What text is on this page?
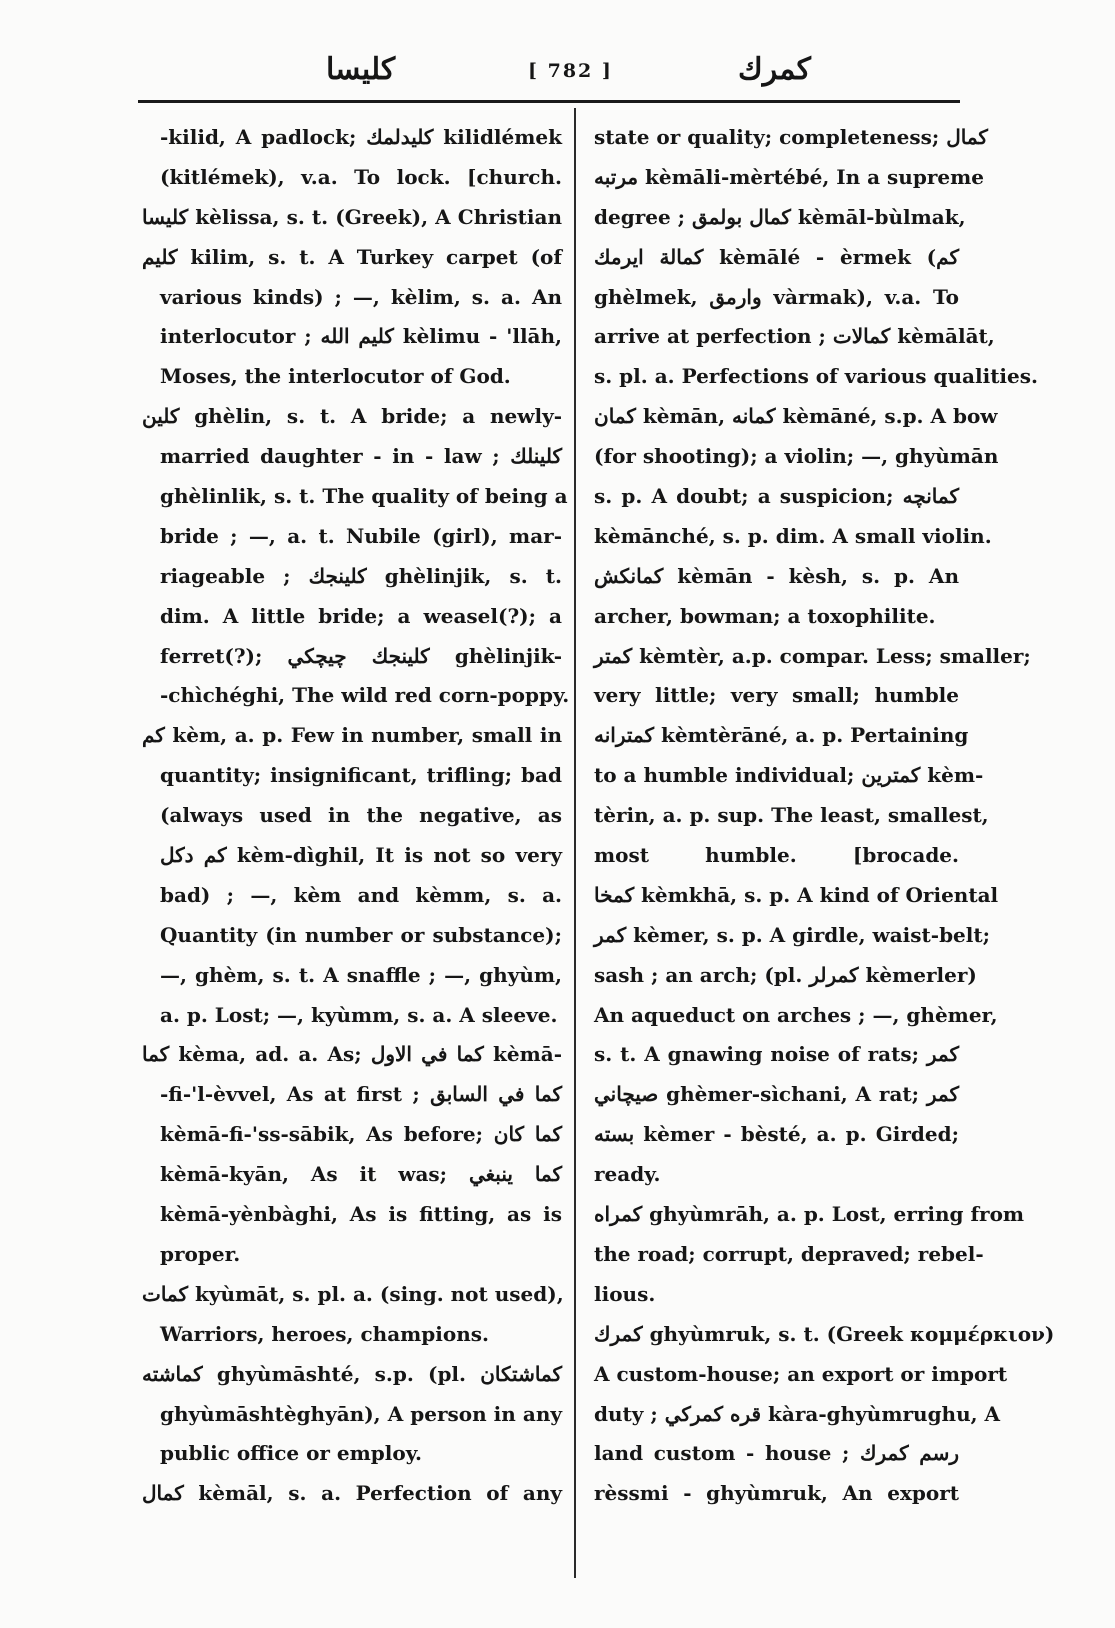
كليسا	[ 782 ]	كمرك
-kilid, A padlock; كليدلمك kilidlémek
(kitlémek), v.a. To lock. [church.
كليسا kèlissa, s. t. (Greek), A Christian
كليم kilim, s. t. A Turkey carpet (of
various kinds) ; —, kèlim, s. a. An
interlocutor ; كليم الله kèlimu - 'llāh,
Moses, the interlocutor of God.
كلين ghèlin, s. t. A bride; a newly-
married daughter - in - law ; كلينلك
ghèlinlik, s. t. The quality of being a
bride ; —, a. t. Nubile (girl), mar-
riageable ; كلينجك ghèlinjik, s. t.
dim. A little bride; a weasel(?); a
ferret(?); كلينجك چيچكي ghèlinjik-
-chìchéghi, The wild red corn-poppy.
كم kèm, a. p. Few in number, small in
quantity; insignificant, trifling; bad
(always used in the negative, as
كم دكل kèm-dìghil, It is not so very
bad) ; —, kèm and kèmm, s. a.
Quantity (in number or substance);
—, ghèm, s. t. A snaffle ; —, ghyùm,
a. p. Lost; —, kyùmm, s. a. A sleeve.
كما kèma, ad. a. As; كما في الاول kèmā-
-fi-'l-èvvel, As at first ; كما في السابق
kèmā-fi-'ss-sābik, As before; كما كان
kèmā-kyān, As it was; كما ينبغي
kèmā-yènbàghi, As is fitting, as is
proper.
كمات kyùmāt, s. pl. a. (sing. not used),
Warriors, heroes, champions.
كماشته ghyùmāshté, s.p. (pl. كماشتكان
ghyùmāshtèghyān), A person in any
public office or employ.
كمال kèmāl, s. a. Perfection of any
state or quality; completeness; كمال
مرتبه kèmāli-mèrtébé, In a supreme
degree ; كمال بولمق kèmāl-bùlmak,
كمالة ايرمك kèmālé - èrmek (كم
ghèlmek, وارمق vàrmak), v.a. To
arrive at perfection ; كمالات kèmālāt,
s. pl. a. Perfections of various qualities.
كمان kèmān, كمانه kèmāné, s.p. A bow
(for shooting); a violin; —, ghyùmān
s. p. A doubt; a suspicion; كمانچه
kèmānché, s. p. dim. A small violin.
كمانكش kèmān - kèsh, s. p. An
archer, bowman; a toxophilite.
كمتر kèmtèr, a.p. compar. Less; smaller;
very little; very small; humble
كمترانه kèmtèrāné, a. p. Pertaining
to a humble individual; كمترين kèm-
tèrin, a. p. sup. The least, smallest,
most humble. [brocade.
كمخا kèmkhā, s. p. A kind of Oriental
كمر kèmer, s. p. A girdle, waist-belt;
sash ; an arch; (pl. كمرلر kèmerler)
An aqueduct on arches ; —, ghèmer,
s. t. A gnawing noise of rats; كمر
صيچاني ghèmer-sìchani, A rat; كمر
بسته kèmer - bèsté, a. p. Girded;
ready.
كمراه ghyùmrāh, a. p. Lost, erring from
the road; corrupt, depraved; rebel-
lious.
كمرك ghyùmruk, s. t. (Greek κομμέρκιον)
A custom-house; an export or import
duty ; قره كمركي kàra-ghyùmrughu, A
land custom - house ; رسم كمرك
rèssmi - ghyùmruk, An export
